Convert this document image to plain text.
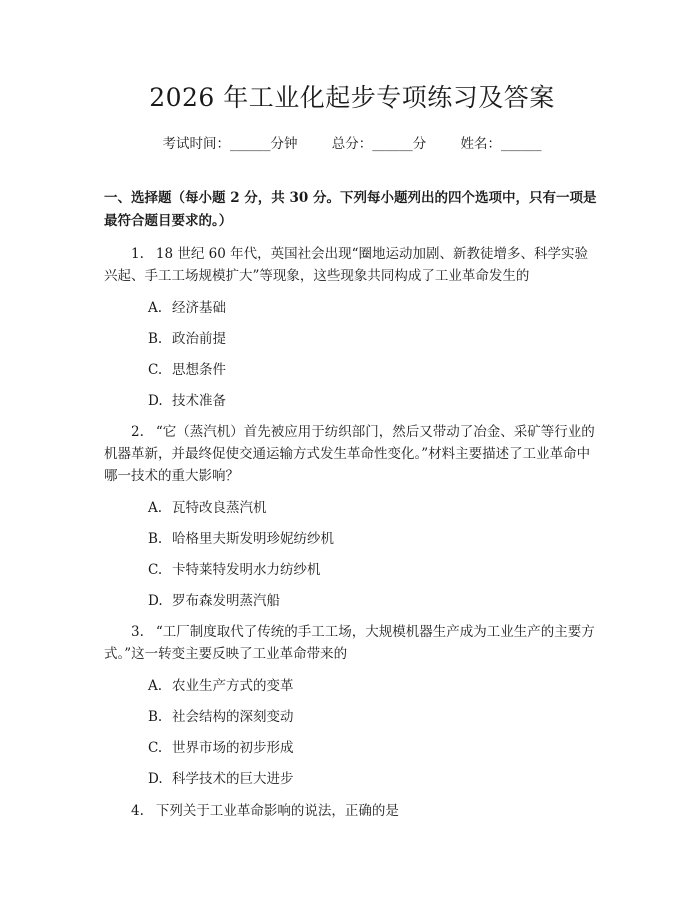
2026 年工业化起步专项练习及答案
考试时间：______分钟	总分：______分	姓名：______
一、选择题（每小题 2 分，共 30 分。下列每小题列出的四个选项中，只有一项是最符合题目要求的。）
1. 18 世纪 60 年代，英国社会出现“圈地运动加剧、新教徒增多、科学实验兴起、手工工场规模扩大”等现象，这些现象共同构成了工业革命发生的
A. 经济基础
B. 政治前提
C. 思想条件
D. 技术准备
2. “它（蒸汽机）首先被应用于纺织部门，然后又带动了冶金、采矿等行业的机器革新，并最终促使交通运输方式发生革命性变化。”材料主要描述了工业革命中哪一技术的重大影响？
A. 瓦特改良蒸汽机
B. 哈格里夫斯发明珍妮纺纱机
C. 卡特莱特发明水力纺纱机
D. 罗布森发明蒸汽船
3. “工厂制度取代了传统的手工工场，大规模机器生产成为工业生产的主要方式。”这一转变主要反映了工业革命带来的
A. 农业生产方式的变革
B. 社会结构的深刻变动
C. 世界市场的初步形成
D. 科学技术的巨大进步
4. 下列关于工业革命影响的说法，正确的是
